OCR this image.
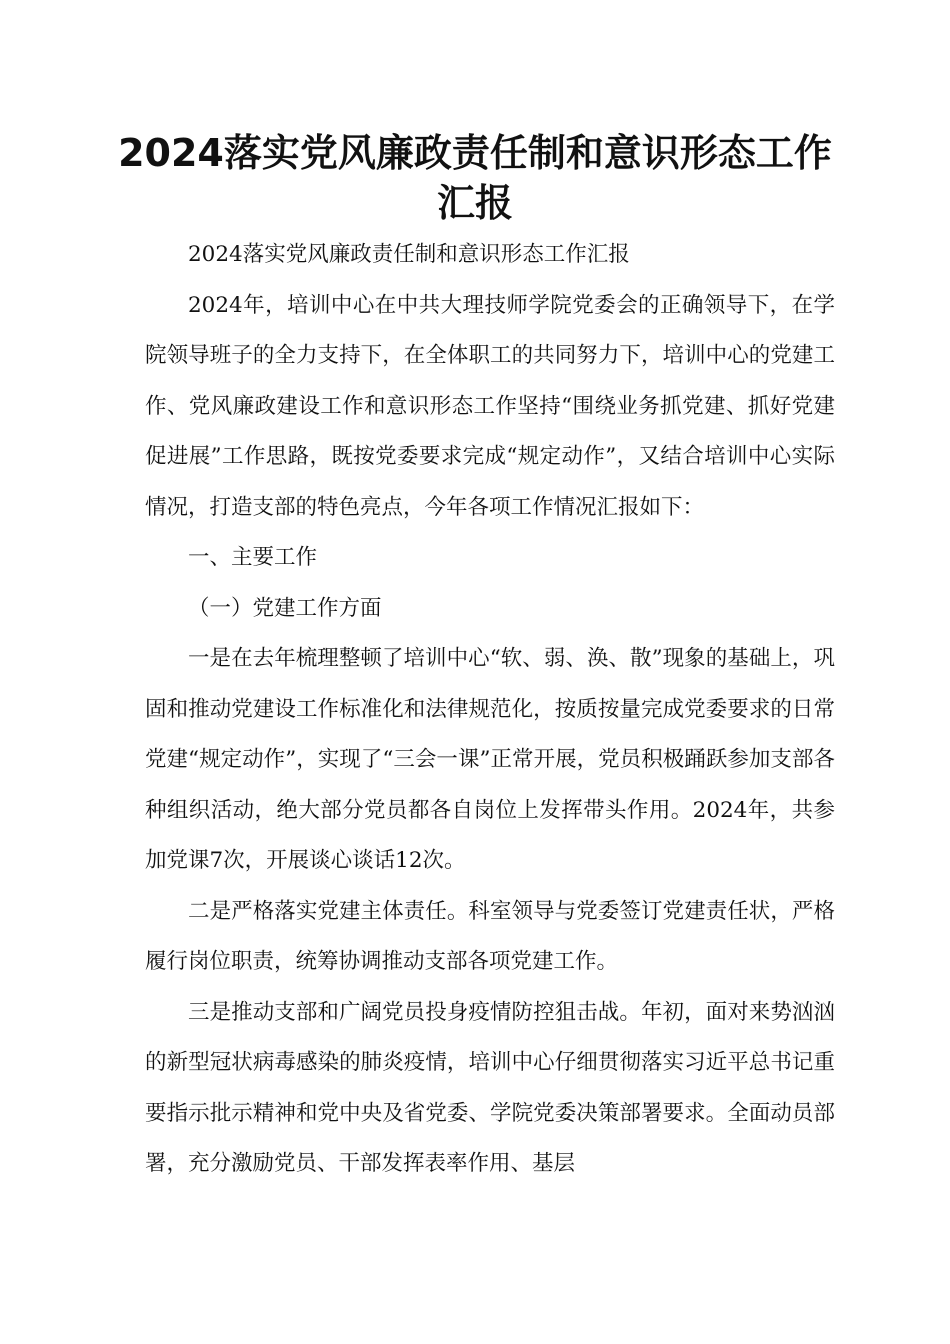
2024落实党风廉政责任制和意识形态工作汇报

2024落实党风廉政责任制和意识形态工作汇报

2024年，培训中心在中共大理技师学院党委会的正确领导下，在学院领导班子的全力支持下，在全体职工的共同努力下，培训中心的党建工作、党风廉政建设工作和意识形态工作坚持“围绕业务抓党建、抓好党建促进展”工作思路，既按党委要求完成“规定动作”，又结合培训中心实际情况，打造支部的特色亮点，今年各项工作情况汇报如下：

一、主要工作

（一）党建工作方面

一是在去年梳理整顿了培训中心“软、弱、涣、散”现象的基础上，巩固和推动党建设工作标准化和法律规范化，按质按量完成党委要求的日常党建“规定动作”，实现了“三会一课”正常开展，党员积极踊跃参加支部各种组织活动，绝大部分党员都各自岗位上发挥带头作用。2024年，共参加党课7次，开展谈心谈话12次。

二是严格落实党建主体责任。科室领导与党委签订党建责任状，严格履行岗位职责，统筹协调推动支部各项党建工作。

三是推动支部和广阔党员投身疫情防控狙击战。年初，面对来势汹汹的新型冠状病毒感染的肺炎疫情，培训中心仔细贯彻落实习近平总书记重要指示批示精神和党中央及省党委、学院党委决策部署要求。全面动员部署，充分激励党员、干部发挥表率作用、基层
